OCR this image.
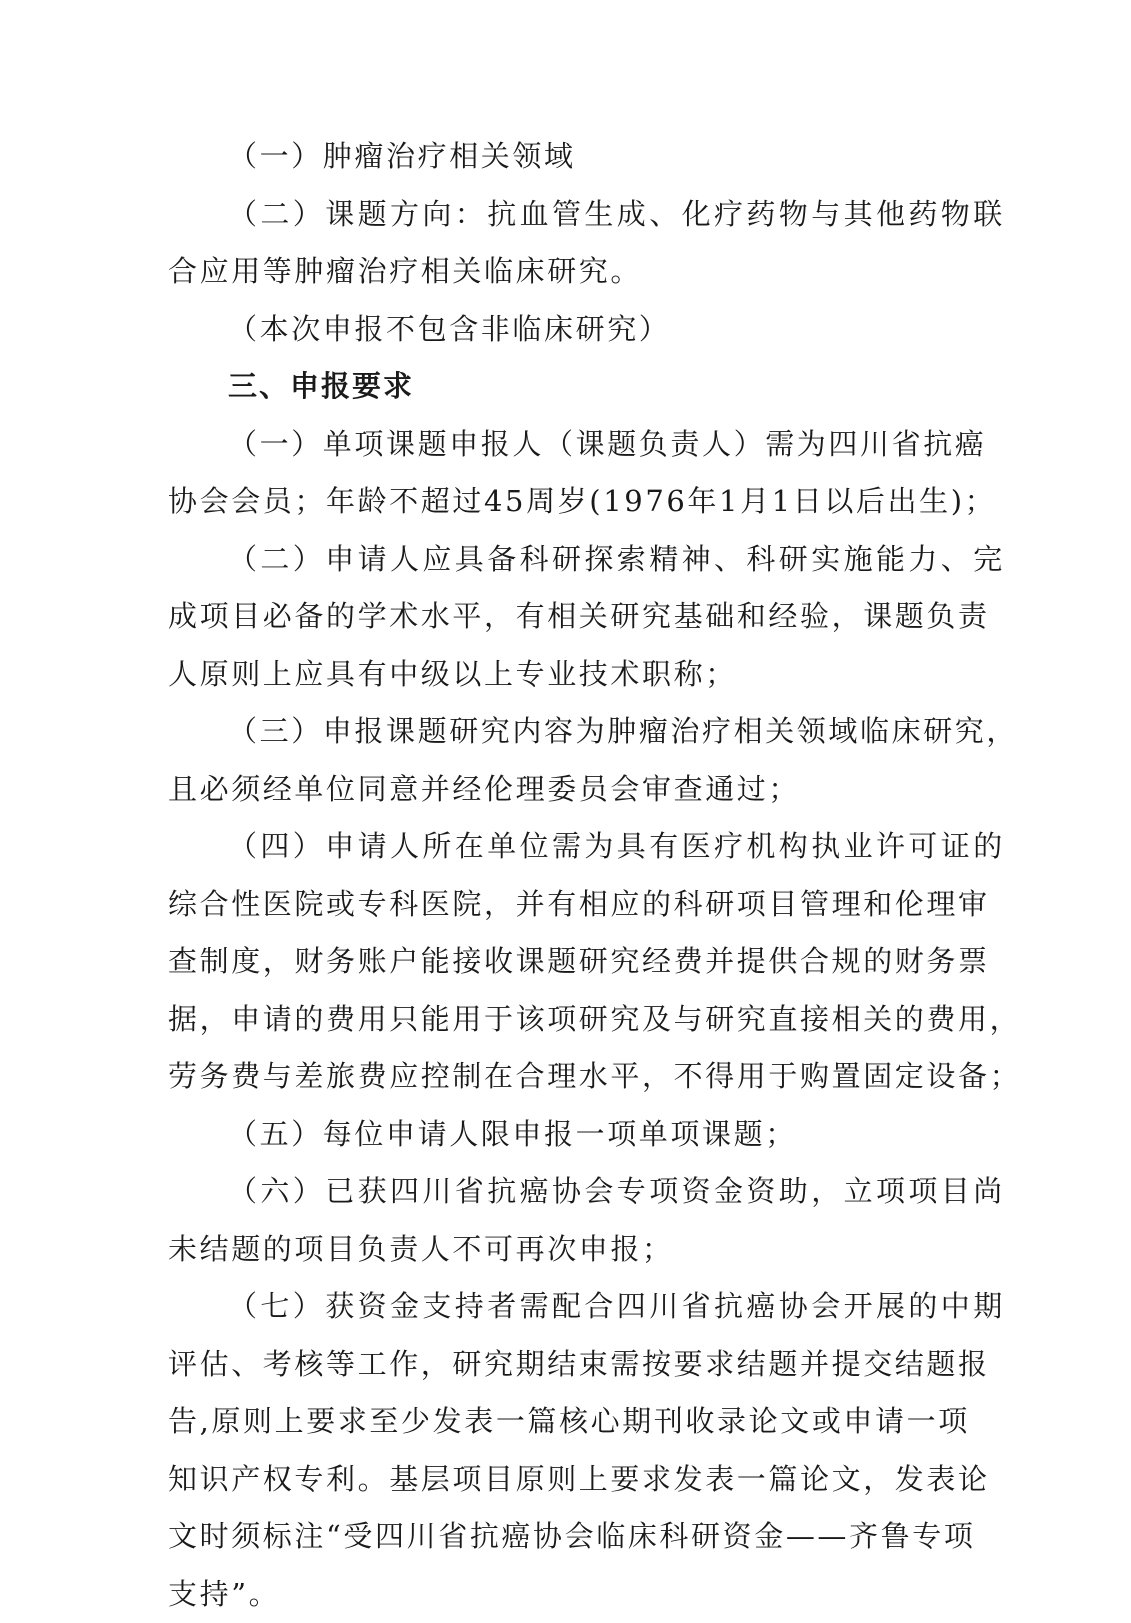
（一）肿瘤治疗相关领域
（二）课题方向：抗血管生成、化疗药物与其他药物联
合应用等肿瘤治疗相关临床研究。
（本次申报不包含非临床研究）
三、申报要求
（一）单项课题申报人（课题负责人）需为四川省抗癌
协会会员；年龄不超过45周岁(1976年1月1日以后出生)；
（二）申请人应具备科研探索精神、科研实施能力、完
成项目必备的学术水平，有相关研究基础和经验，课题负责
人原则上应具有中级以上专业技术职称；
（三）申报课题研究内容为肿瘤治疗相关领域临床研究，
且必须经单位同意并经伦理委员会审查通过；
（四）申请人所在单位需为具有医疗机构执业许可证的
综合性医院或专科医院，并有相应的科研项目管理和伦理审
查制度，财务账户能接收课题研究经费并提供合规的财务票
据，申请的费用只能用于该项研究及与研究直接相关的费用，
劳务费与差旅费应控制在合理水平，不得用于购置固定设备；
（五）每位申请人限申报一项单项课题；
（六）已获四川省抗癌协会专项资金资助，立项项目尚
未结题的项目负责人不可再次申报；
（七）获资金支持者需配合四川省抗癌协会开展的中期
评估、考核等工作，研究期结束需按要求结题并提交结题报
告,原则上要求至少发表一篇核心期刊收录论文或申请一项
知识产权专利。基层项目原则上要求发表一篇论文，发表论
文时须标注“受四川省抗癌协会临床科研资金——齐鲁专项
支持”。
